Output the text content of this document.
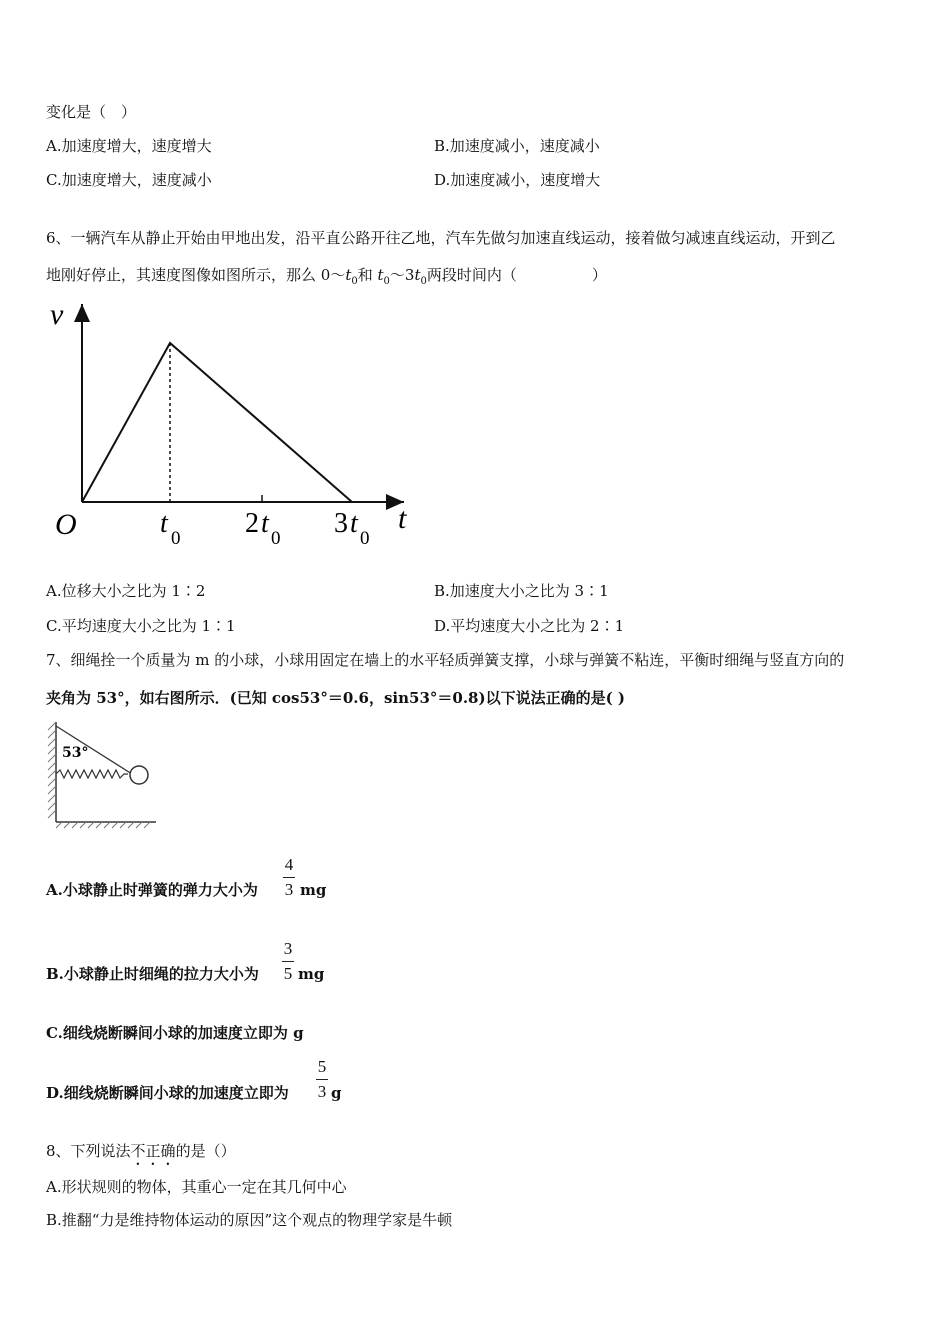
变化是（　）
A.加速度增大，速度增大	B.加速度减小，速度减小
C.加速度增大，速度减小	D.加速度减小，速度增大
6、一辆汽车从静止开始由甲地出发，沿平直公路开往乙地，汽车先做匀加速直线运动，接着做匀减速直线运动，开到乙
地刚好停止，其速度图像如图所示，那么 $0\sim t_0$和 $t_0\sim 3t_0$两段时间内（　　　　　）
v
t
O	t 0 2 t 0 3 t 0
A.位移大小之比为 1∶2	B.加速度大小之比为 3∶1
C.平均速度大小之比为 1∶1	D.平均速度大小之比为 2∶1
7、细绳拴一个质量为 m 的小球，小球用固定在墙上的水平轻质弹簧支撑，小球与弹簧不粘连，平衡时细绳与竖直方向的
夹角为 53°，如右图所示．(已知 cos53°＝0.6，sin53°＝0.8)以下说法正确的是( )
53°
A.小球静止时弹簧的弹力大小为
4
3 mg
B.小球静止时细绳的拉力大小为
3
5 mg
C.细线烧断瞬间小球的加速度立即为 g
D.细线烧断瞬间小球的加速度立即为
5
3 g
8、下列说法不正确的是（）
A.形状规则的物体，其重心一定在其几何中心
B.推翻“力是维持物体运动的原因”这个观点的物理学家是牛顿
